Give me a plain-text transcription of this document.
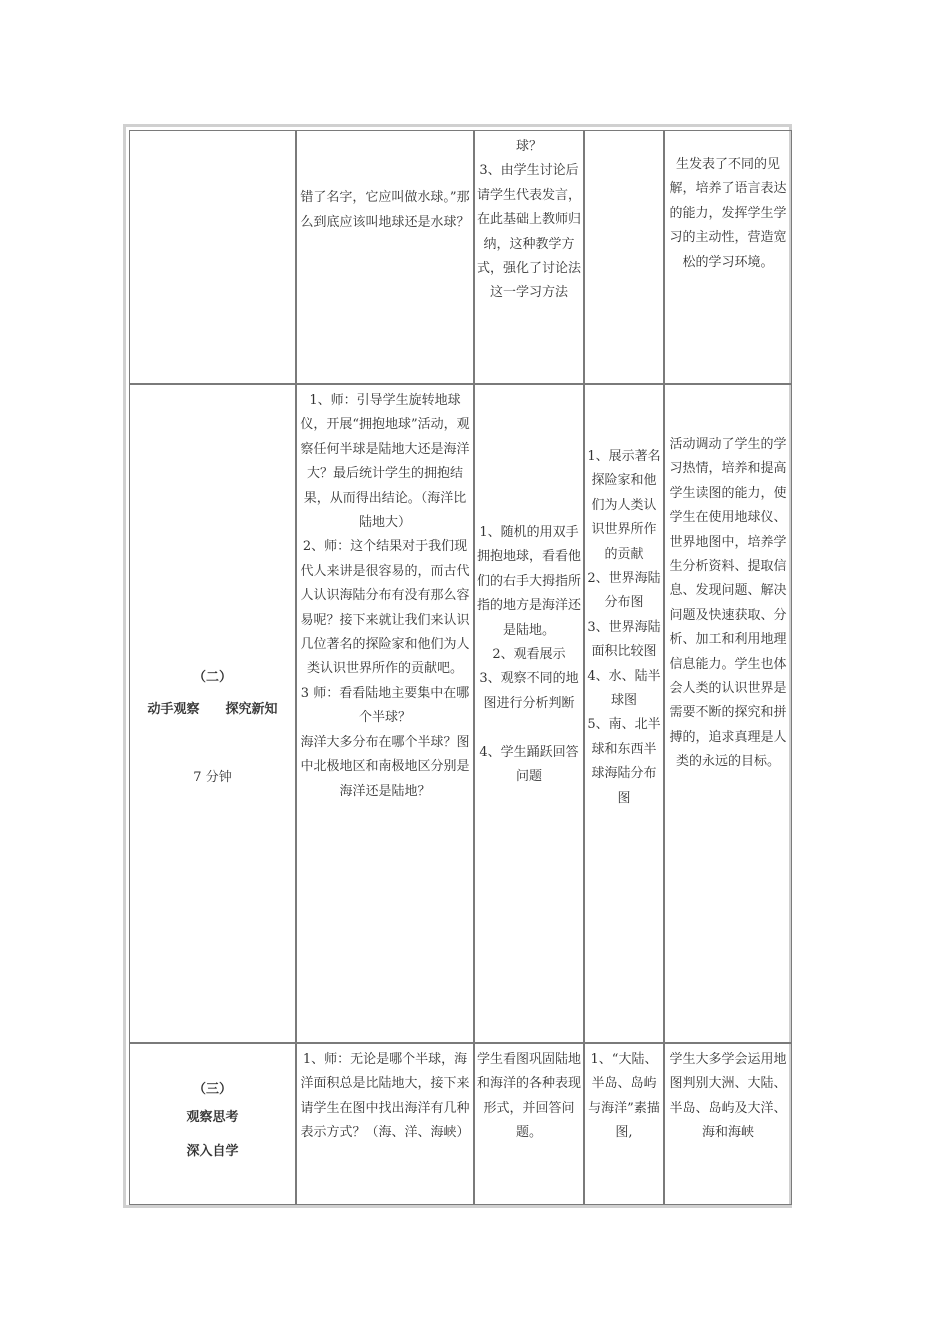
错了名字，它应叫做水球。”那么到底应该叫地球还是水球？
球？
3、由学生讨论后请学生代表发言，在此基础上教师归纳，这种教学方式，强化了讨论法这一学习方法
生发表了不同的见解，培养了语言表达的能力，发挥学生学习的主动性，营造宽松的学习环境。
（二）
动手观察　　探究新知
7 分钟
1、师：引导学生旋转地球仪，开展“拥抱地球”活动，观察任何半球是陆地大还是海洋大？最后统计学生的拥抱结果，从而得出结论。（海洋比陆地大）
2、师：这个结果对于我们现代人来讲是很容易的，而古代人认识海陆分布有没有那么容易呢？接下来就让我们来认识几位著名的探险家和他们为人类认识世界所作的贡献吧。
3 师：看看陆地主要集中在哪个半球？
海洋大多分布在哪个半球？图中北极地区和南极地区分别是海洋还是陆地？
1、随机的用双手拥抱地球，看看他们的右手大拇指所指的地方是海洋还是陆地。
2、观看展示
3、观察不同的地图进行分析判断

4、学生踊跃回答问题
1、展示著名探险家和他们为人类认识世界所作的贡献
2、世界海陆分布图
3、世界海陆面积比较图
4、水、陆半球图
5、南、北半球和东西半球海陆分布图
活动调动了学生的学习热情，培养和提高学生读图的能力，使学生在使用地球仪、世界地图中，培养学生分析资料、提取信息、发现问题、解决问题及快速获取、分析、加工和利用地理信息能力。学生也体会人类的认识世界是需要不断的探究和拼搏的，追求真理是人类的永远的目标。
（三）
观察思考
深入自学
1、师：无论是哪个半球，海洋面积总是比陆地大，接下来请学生在图中找出海洋有几种表示方式？（海、洋、海峡）
学生看图巩固陆地和海洋的各种表现形式，并回答问题。
1、“大陆、半岛、岛屿与海洋”素描图,
学生大多学会运用地图判别大洲、大陆、半岛、岛屿及大洋、海和海峡
